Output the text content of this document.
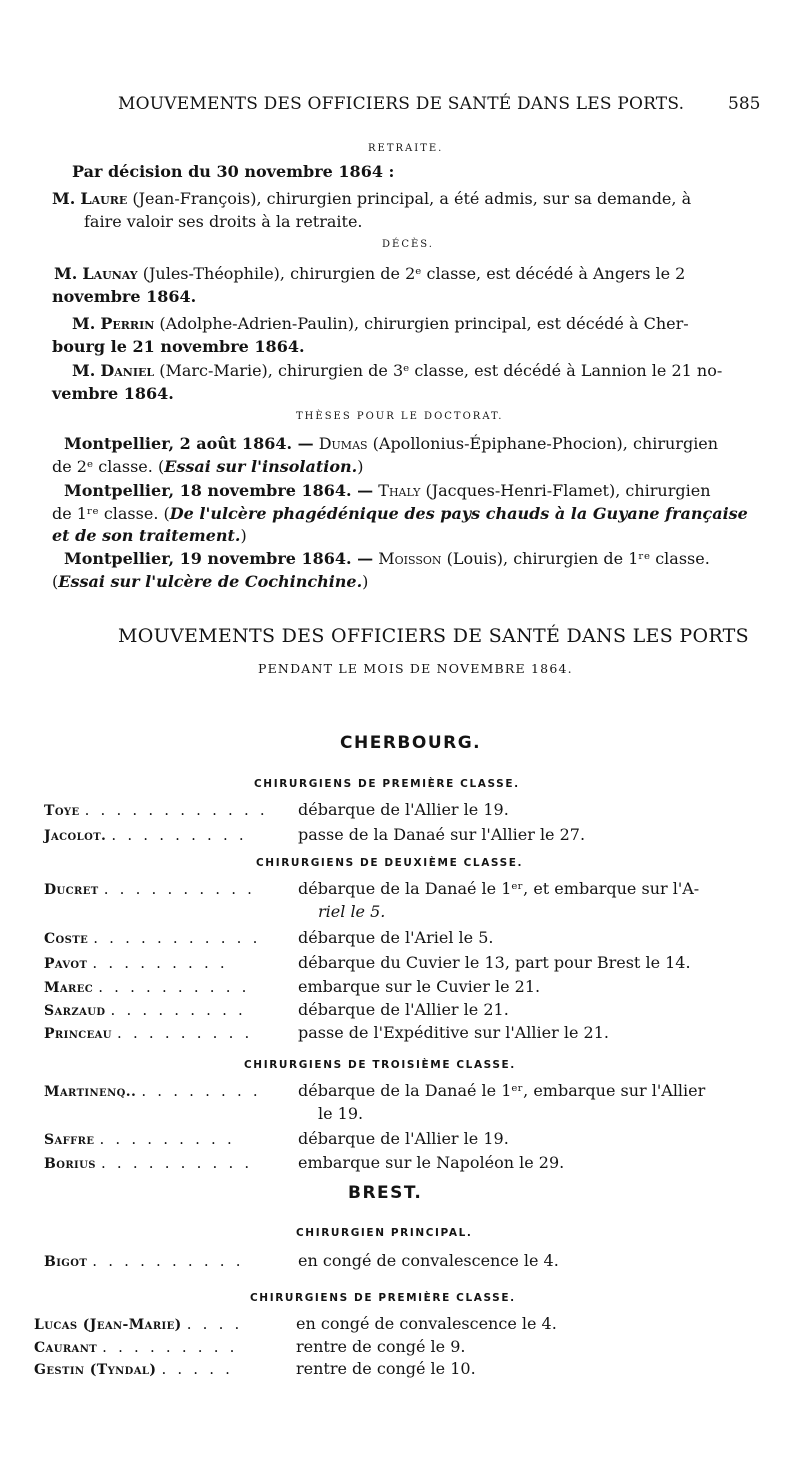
MOUVEMENTS DES OFFICIERS DE SANTÉ DANS LES PORTS.	585
RETRAITE.
Par décision du 30 novembre 1864 :
M. Laure (Jean-François), chirurgien principal, a été admis, sur sa demande, à
faire valoir ses droits à la retraite.
DÉCÈS.
M. Launay (Jules-Théophile), chirurgien de 2ᵉ classe, est décédé à Angers le 2
novembre 1864.
M. Perrin (Adolphe-Adrien-Paulin), chirurgien principal, est décédé à Cher-
bourg le 21 novembre 1864.
M. Daniel (Marc-Marie), chirurgien de 3ᵉ classe, est décédé à Lannion le 21 no-
vembre 1864.
THÈSES POUR LE DOCTORAT.
Montpellier, 2 août 1864. — Dumas (Apollonius-Épiphane-Phocion), chirurgien
de 2ᵉ classe. (Essai sur l'insolation.)
Montpellier, 18 novembre 1864. — Thaly (Jacques-Henri-Flamet), chirurgien
de 1ʳᵉ classe. (De l'ulcère phagédénique des pays chauds à la Guyane française
et de son traitement.)
Montpellier, 19 novembre 1864. — Moisson (Louis), chirurgien de 1ʳᵉ classe.
(Essai sur l'ulcère de Cochinchine.)
MOUVEMENTS DES OFFICIERS DE SANTÉ DANS LES PORTS
PENDANT LE MOIS DE NOVEMBRE 1864.
CHERBOURG.
CHIRURGIENS DE PREMIÈRE CLASSE.
Toye . . . . . . . . . . . . débarque de l'Allier le 19.
Jacolot. . . . . . . . . .	passe de la Danaé sur l'Allier le 27.
CHIRURGIENS DE DEUXIÈME CLASSE.
Ducret . . . . . . . . . .	débarque de la Danaé le 1ᵉʳ, et embarque sur l'A-
riel le 5.
Coste . . . . . . . . . . . débarque de l'Ariel le 5.
Pavot . . . . . . . . .	débarque du Cuvier le 13, part pour Brest le 14.
Marec . . . . . . . . . .	embarque sur le Cuvier le 21.
Sarzaud . . . . . . . . .	débarque de l'Allier le 21.
Princeau . . . . . . . . .	passe de l'Expéditive sur l'Allier le 21.
CHIRURGIENS DE TROISIÈME CLASSE.
Martinenq.. . . . . . . . . débarque de la Danaé le 1ᵉʳ, embarque sur l'Allier
le 19.
Saffre . . . . . . . . .	débarque de l'Allier le 19.
Borius . . . . . . . . . .	embarque sur le Napoléon le 29.
BREST.
CHIRURGIEN PRINCIPAL.
Bigot . . . . . . . . . .	en congé de convalescence le 4.
CHIRURGIENS DE PREMIÈRE CLASSE.
Lucas (Jean-Marie) . . . .	en congé de convalescence le 4.
Caurant . . . . . . . . .	rentre de congé le 9.
Gestin (Tyndal) . . . . .	rentre de congé le 10.
